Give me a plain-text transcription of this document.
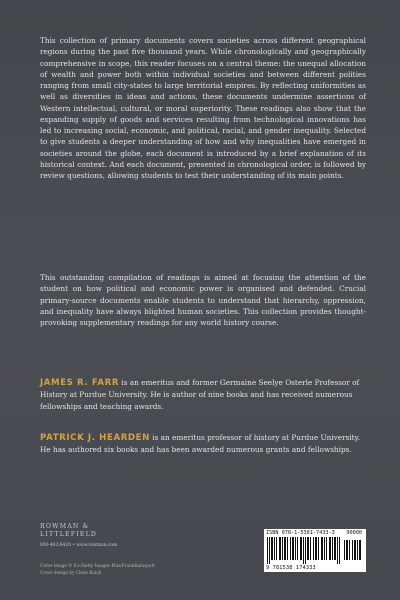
This collection of primary documents covers societies across different geographical regions during the past five thousand years. While chronologically and geographically comprehensive in scope, this reader focuses on a central theme: the unequal allocation of wealth and power both within individual societies and between different polities ranging from small city-states to large territorial empires. By reflecting uniformities as well as diversities in ideas and actions, these documents undermine assertions of Western intellectual, cultural, or moral superiority. These readings also show that the expanding supply of goods and services resulting from technological innovations has led to increasing social, economic, and political, racial, and gender inequality. Selected to give students a deeper understanding of how and why inequalities have emerged in societies around the globe, each document is introduced by a brief explanation of its historical context. And each document, presented in chronological order, is followed by review questions, allowing students to test their understanding of its main points.

This outstanding compilation of readings is aimed at focusing the attention of the student on how political and economic power is organised and defended. Crucial primary-source documents enable students to understand that hierarchy, oppression, and inequality have always blighted human societies. This collection provides thought-provoking supplementary readings for any world history course.

JAMES R. FARR is an emeritus and former Germaine Seelye Osterle Professor of History at Purdue University. He is author of nine books and has received numerous fellowships and teaching awards.

PATRICK J. HEARDEN is an emeritus professor of history at Purdue University. He has authored six books and has been awarded numerous grants and fellowships.

ROWMAN &
LITTLEFIELD
800-462-6420 • www.rowman.com
Cover image © E+/Getty Images Plus/FrankRamspott
Cover design by Chloe Batch
ISBN 978-1-5381-7433-3 90000
9 781538 174333
